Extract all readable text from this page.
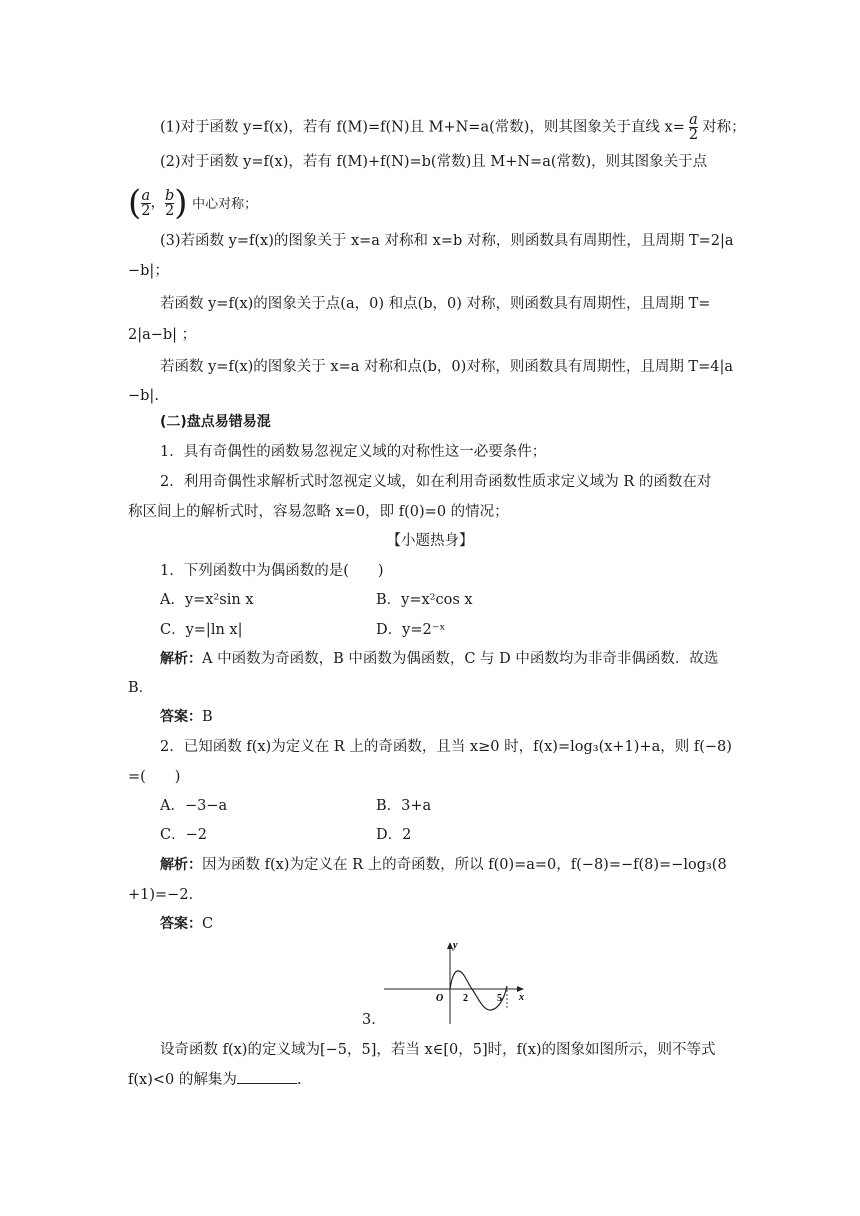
(1)对于函数 y=f(x)，若有 f(M)=f(N)且 M+N=a(常数)，则其图象关于直线 $x= \frac{a}{2}$ 对称；
(2)对于函数 y=f(x)，若有 f(M)+f(N)=b(常数)且 M+N=a(常数)，则其图象关于点
( a
2 ， b
2 ) 中心对称；
(3)若函数 y=f(x)的图象关于 x=a 对称和 x=b 对称，则函数具有周期性，且周期 T=2|a
−b|；
若函数 y=f(x)的图象关于点(a，0) 和点(b，0) 对称，则函数具有周期性，且周期 T=
2|a−b| ；
若函数 y=f(x)的图象关于 x=a 对称和点(b，0)对称，则函数具有周期性，且周期 T=4|a
−b|.
(二)盘点易错易混
1．具有奇偶性的函数易忽视定义域的对称性这一必要条件；
2．利用奇偶性求解析式时忽视定义域，如在利用奇函数性质求定义域为 R 的函数在对
称区间上的解析式时，容易忽略 x=0，即 f(0)=0 的情况；
【小题热身】
1．下列函数中为偶函数的是(　　)
A．y=x²sin x	B．y=x²cos x
C．y=|ln x|	D．y=2⁻ˣ
解析：A 中函数为奇函数，B 中函数为偶函数，C 与 D 中函数均为非奇非偶函数．故选
B．
答案：B
2．已知函数 f(x)为定义在 R 上的奇函数，且当 x≥0 时，f(x)=log₃(x+1)+a，则 f(−8)
=(　　)
A．−3−a	B．3+a
C．−2	D．2
解析：因为函数 f(x)为定义在 R 上的奇函数，所以 f(0)=a=0，f(−8)=−f(8)=−log₃(8
+1)=−2.
答案：C
3.
y
x
O 2	5
设奇函数 f(x)的定义域为[−5，5]，若当 x∈[0，5]时，f(x)的图象如图所示，则不等式
f(x)<0 的解集为	.
